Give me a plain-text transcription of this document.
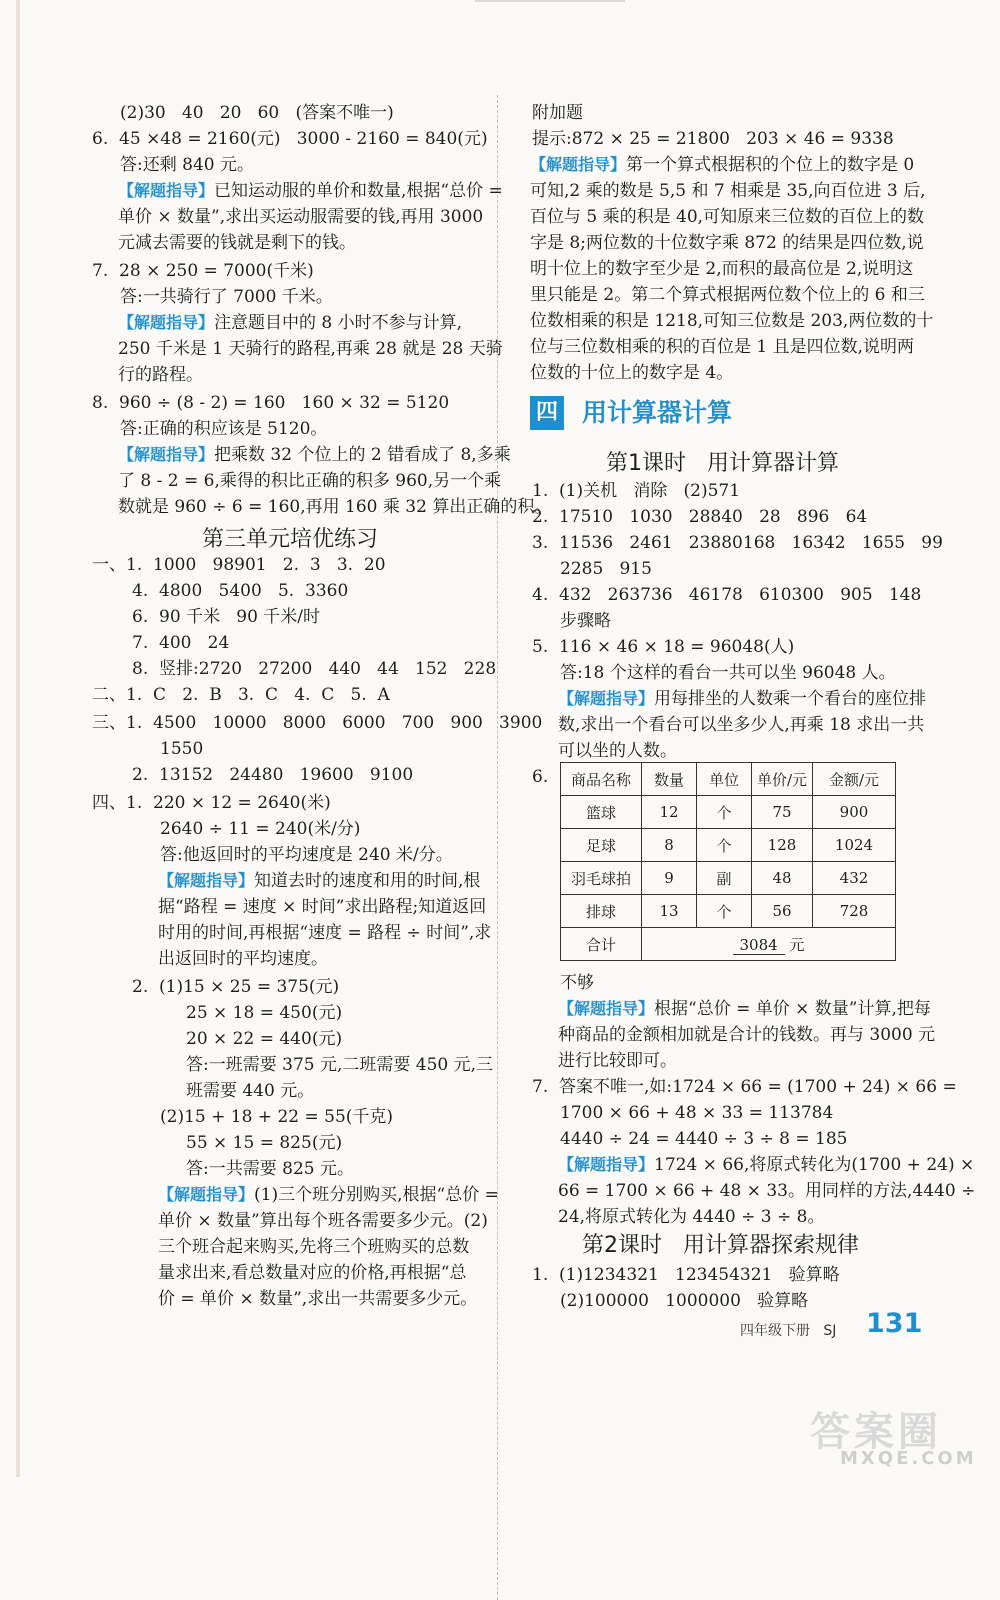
(2)30   40   20   60   (答案不唯一)
6.  45 ×48 = 2160(元)   3000 - 2160 = 840(元)
答:还剩 840 元。
【解题指导】已知运动服的单价和数量,根据“总价 =
单价 × 数量”,求出买运动服需要的钱,再用 3000
元减去需要的钱就是剩下的钱。
7.  28 × 250 = 7000(千米)
答:一共骑行了 7000 千米。
【解题指导】注意题目中的 8 小时不参与计算,
250 千米是 1 天骑行的路程,再乘 28 就是 28 天骑
行的路程。
8.  960 ÷ (8 - 2) = 160   160 × 32 = 5120
答:正确的积应该是 5120。
【解题指导】把乘数 32 个位上的 2 错看成了 8,多乘
了 8 - 2 = 6,乘得的积比正确的积多 960,另一个乘
数就是 960 ÷ 6 = 160,再用 160 乘 32 算出正确的积。
一、1.  1000   98901   2.  3   3.  20
4.  4800   5400   5.  3360
6.  90 千米   90 千米/时
7.  400   24
8.  竖排:2720   27200   440   44   152   228
二、1.  C   2.  B   3.  C   4.  C   5.  A
三、1.  4500   10000   8000   6000   700   900   3900
1550
2.  13152   24480   19600   9100
四、1.  220 × 12 = 2640(米)
2640 ÷ 11 = 240(米/分)
答:他返回时的平均速度是 240 米/分。
【解题指导】知道去时的速度和用的时间,根
据“路程 = 速度 × 时间”求出路程;知道返回
时用的时间,再根据“速度 = 路程 ÷ 时间”,求
出返回时的平均速度。
2.  (1)15 × 25 = 375(元)
25 × 18 = 450(元)
20 × 22 = 440(元)
答:一班需要 375 元,二班需要 450 元,三
班需要 440 元。
(2)15 + 18 + 22 = 55(千克)
55 × 15 = 825(元)
答:一共需要 825 元。
【解题指导】(1)三个班分别购买,根据“总价 =
单价 × 数量”算出每个班各需要多少元。(2)
三个班合起来购买,先将三个班购买的总数
量求出来,看总数量对应的价格,再根据“总
价 = 单价 × 数量”,求出一共需要多少元。
附加题
提示:872 × 25 = 21800   203 × 46 = 9338
【解题指导】第一个算式根据积的个位上的数字是 0
可知,2 乘的数是 5,5 和 7 相乘是 35,向百位进 3 后,
百位与 5 乘的积是 40,可知原来三位数的百位上的数
字是 8;两位数的十位数字乘 872 的结果是四位数,说
明十位上的数字至少是 2,而积的最高位是 2,说明这
里只能是 2。第二个算式根据两位数个位上的 6 和三
位数相乘的积是 1218,可知三位数是 203,两位数的十
位与三位数相乘的积的百位是 1 且是四位数,说明两
位数的十位上的数字是 4。
1.  (1)关机   消除   (2)571
2.  17510   1030   28840   28   896   64
3.  11536   2461   23880168   16342   1655   99
2285   915
4.  432   263736   46178   610300   905   148
步骤略
5.  116 × 46 × 18 = 96048(人)
答:18 个这样的看台一共可以坐 96048 人。
【解题指导】用每排坐的人数乘一个看台的座位排
数,求出一个看台可以坐多少人,再乘 18 求出一共
可以坐的人数。
6.
不够
【解题指导】根据“总价 = 单价 × 数量”计算,把每
种商品的金额相加就是合计的钱数。再与 3000 元
进行比较即可。
7.  答案不唯一,如:1724 × 66 = (1700 + 24) × 66 =
1700 × 66 + 48 × 33 = 113784
4440 ÷ 24 = 4440 ÷ 3 ÷ 8 = 185
【解题指导】1724 × 66,将原式转化为(1700 + 24) ×
66 = 1700 × 66 + 48 × 33。用同样的方法,4440 ÷
24,将原式转化为 4440 ÷ 3 ÷ 8。
1.  (1)1234321   123454321   验算略
(2)100000   1000000   验算略
第三单元培优练习
四 用计算器计算
第1课时   用计算器计算
商品名称	数量	单位	单价/元	金额/元
篮球	12	个	75	900
足球	8	个	128	1024
羽毛球拍	9	副	48	432
排球	13	个	56	728
合计	3084 元			
第2课时   用计算器探索规律
四年级下册   SJ 131
答案圈
MXQE.COM
